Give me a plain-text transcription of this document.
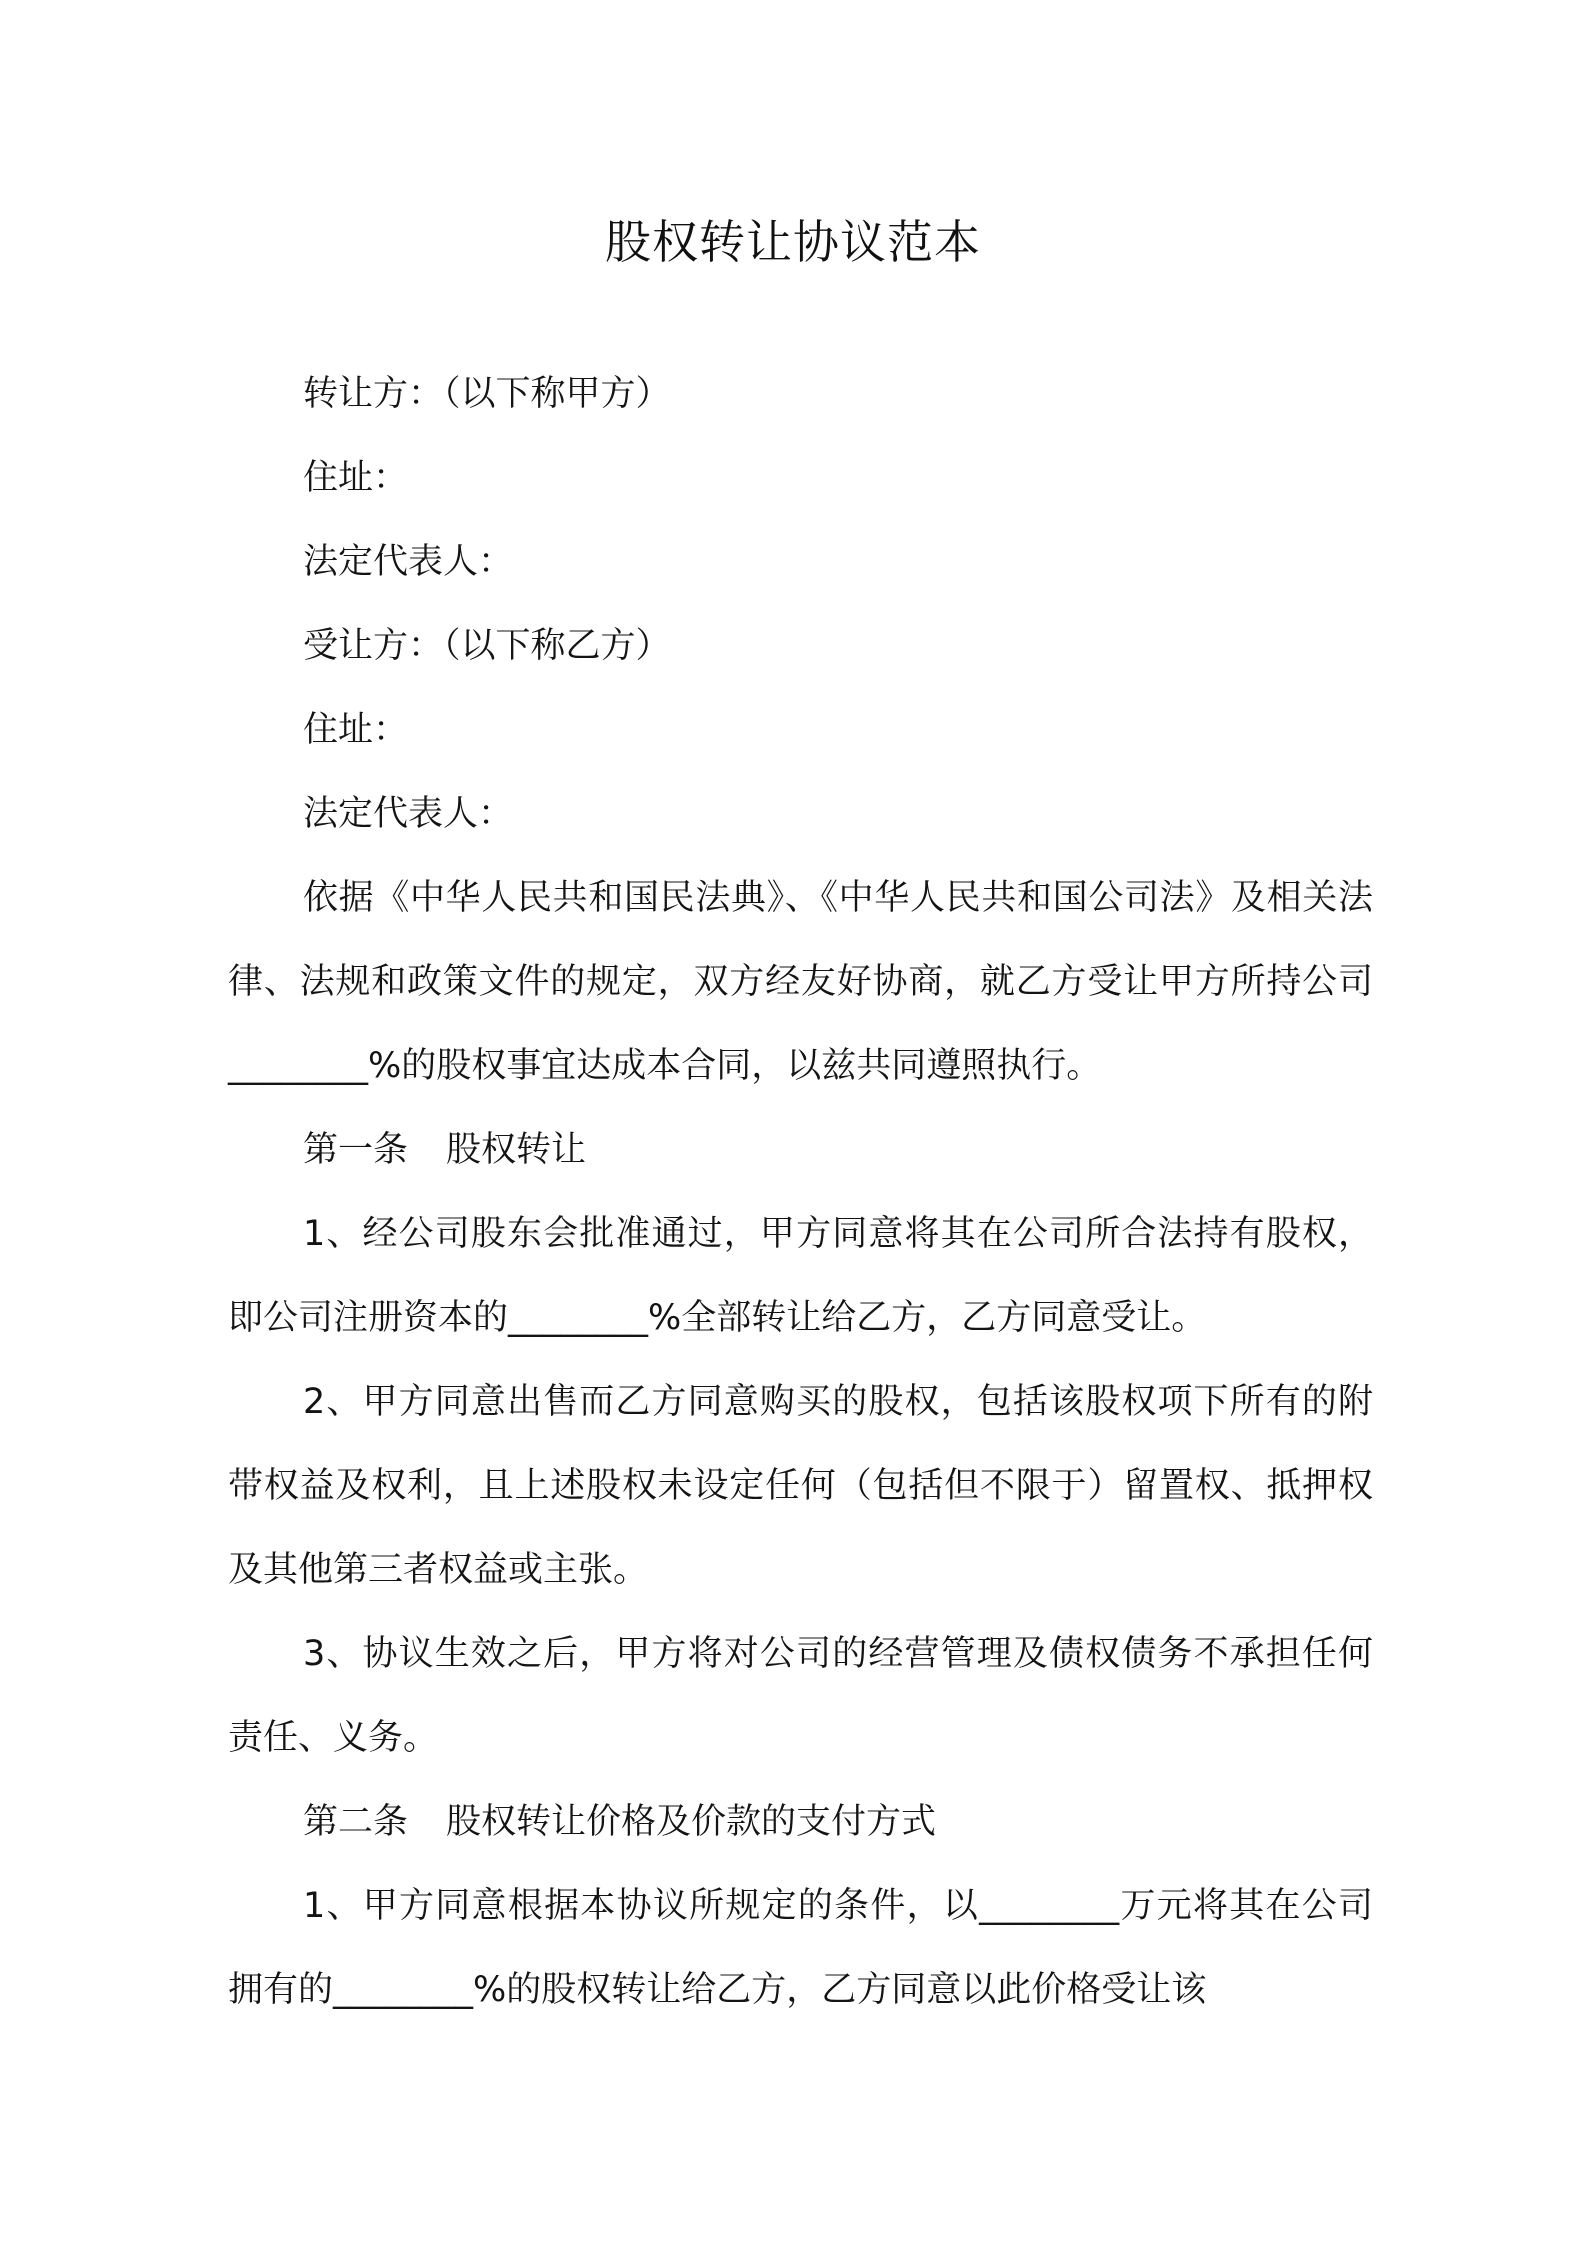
股权转让协议范本

转让方：（以下称甲方）

住址：

法定代表人：

受让方：（以下称乙方）

住址：

法定代表人：

依据《中华人民共和国民法典》、《中华人民共和国公司法》及相关法律、法规和政策文件的规定，双方经友好协商，就乙方受让甲方所持公司________%的股权事宜达成本合同，以兹共同遵照执行。

第一条 股权转让

1、经公司股东会批准通过，甲方同意将其在公司所合法持有股权，即公司注册资本的________%全部转让给乙方，乙方同意受让。

2、甲方同意出售而乙方同意购买的股权，包括该股权项下所有的附带权益及权利，且上述股权未设定任何（包括但不限于）留置权、抵押权及其他第三者权益或主张。

3、协议生效之后，甲方将对公司的经营管理及债权债务不承担任何责任、义务。

第二条 股权转让价格及价款的支付方式

1、甲方同意根据本协议所规定的条件，以________万元将其在公司拥有的________%的股权转让给乙方，乙方同意以此价格受让该
